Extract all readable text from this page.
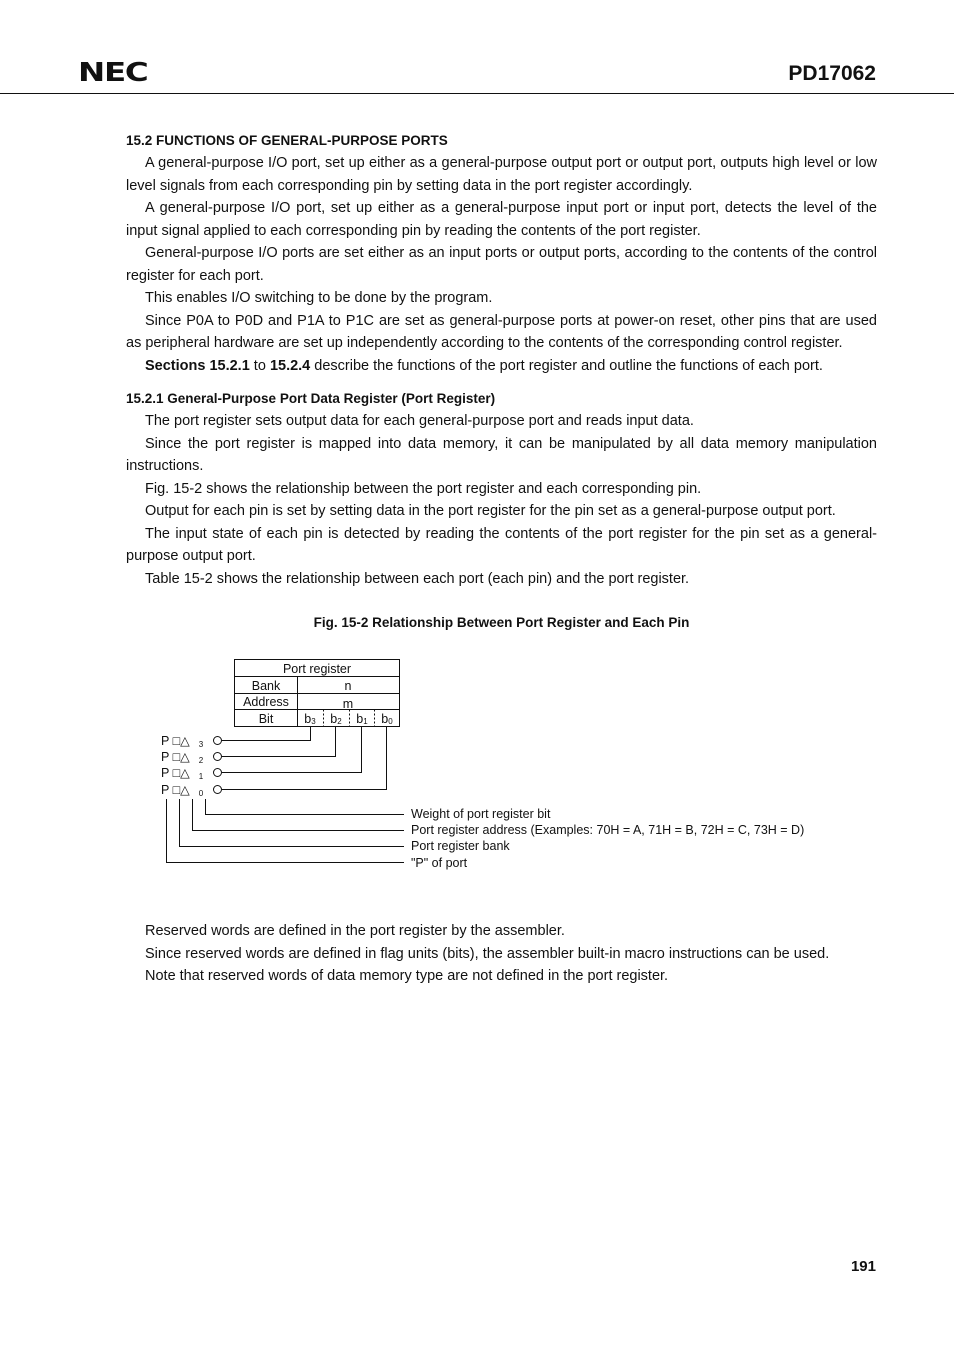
NEC	PD17062
15.2 FUNCTIONS OF GENERAL-PURPOSE PORTS

A general-purpose I/O port, set up either as a general-purpose output port or output port, outputs high level or low level signals from each corresponding pin by setting data in the port register accordingly.

A general-purpose I/O port, set up either as a general-purpose input port or input port, detects the level of the input signal applied to each corresponding pin by reading the contents of the port register.

General-purpose I/O ports are set either as an input ports or output ports, according to the contents of the control register for each port.

This enables I/O switching to be done by the program.

Since P0A to P0D and P1A to P1C are set as general-purpose ports at power-on reset, other pins that are used as peripheral hardware are set up independently according to the contents of the corresponding control register.

Sections 15.2.1 to 15.2.4 describe the functions of the port register and outline the functions of each port.

15.2.1 General-Purpose Port Data Register (Port Register)

The port register sets output data for each general-purpose port and reads input data.

Since the port register is mapped into data memory, it can be manipulated by all data memory manipulation instructions.

Fig. 15-2 shows the relationship between the port register and each corresponding pin.

Output for each pin is set by setting data in the port register for the pin set as a general-purpose output port.

The input state of each pin is detected by reading the contents of the port register for the pin set as a general-purpose output port.

Table 15-2 shows the relationship between each port (each pin) and the port register.

Fig. 15-2 Relationship Between Port Register and Each Pin
Port register
Bank	n
Address	m
Bit b3 b2 b1 b0
P □△ 3
P □△ 2
P □△ 1
P □△ 0
Weight of port register bit
Port register address (Examples: 70H = A, 71H = B, 72H = C, 73H = D)
Port register bank
"P" of port

Reserved words are defined in the port register by the assembler.

Since reserved words are defined in flag units (bits), the assembler built-in macro instructions can be used.

Note that reserved words of data memory type are not defined in the port register.

191
